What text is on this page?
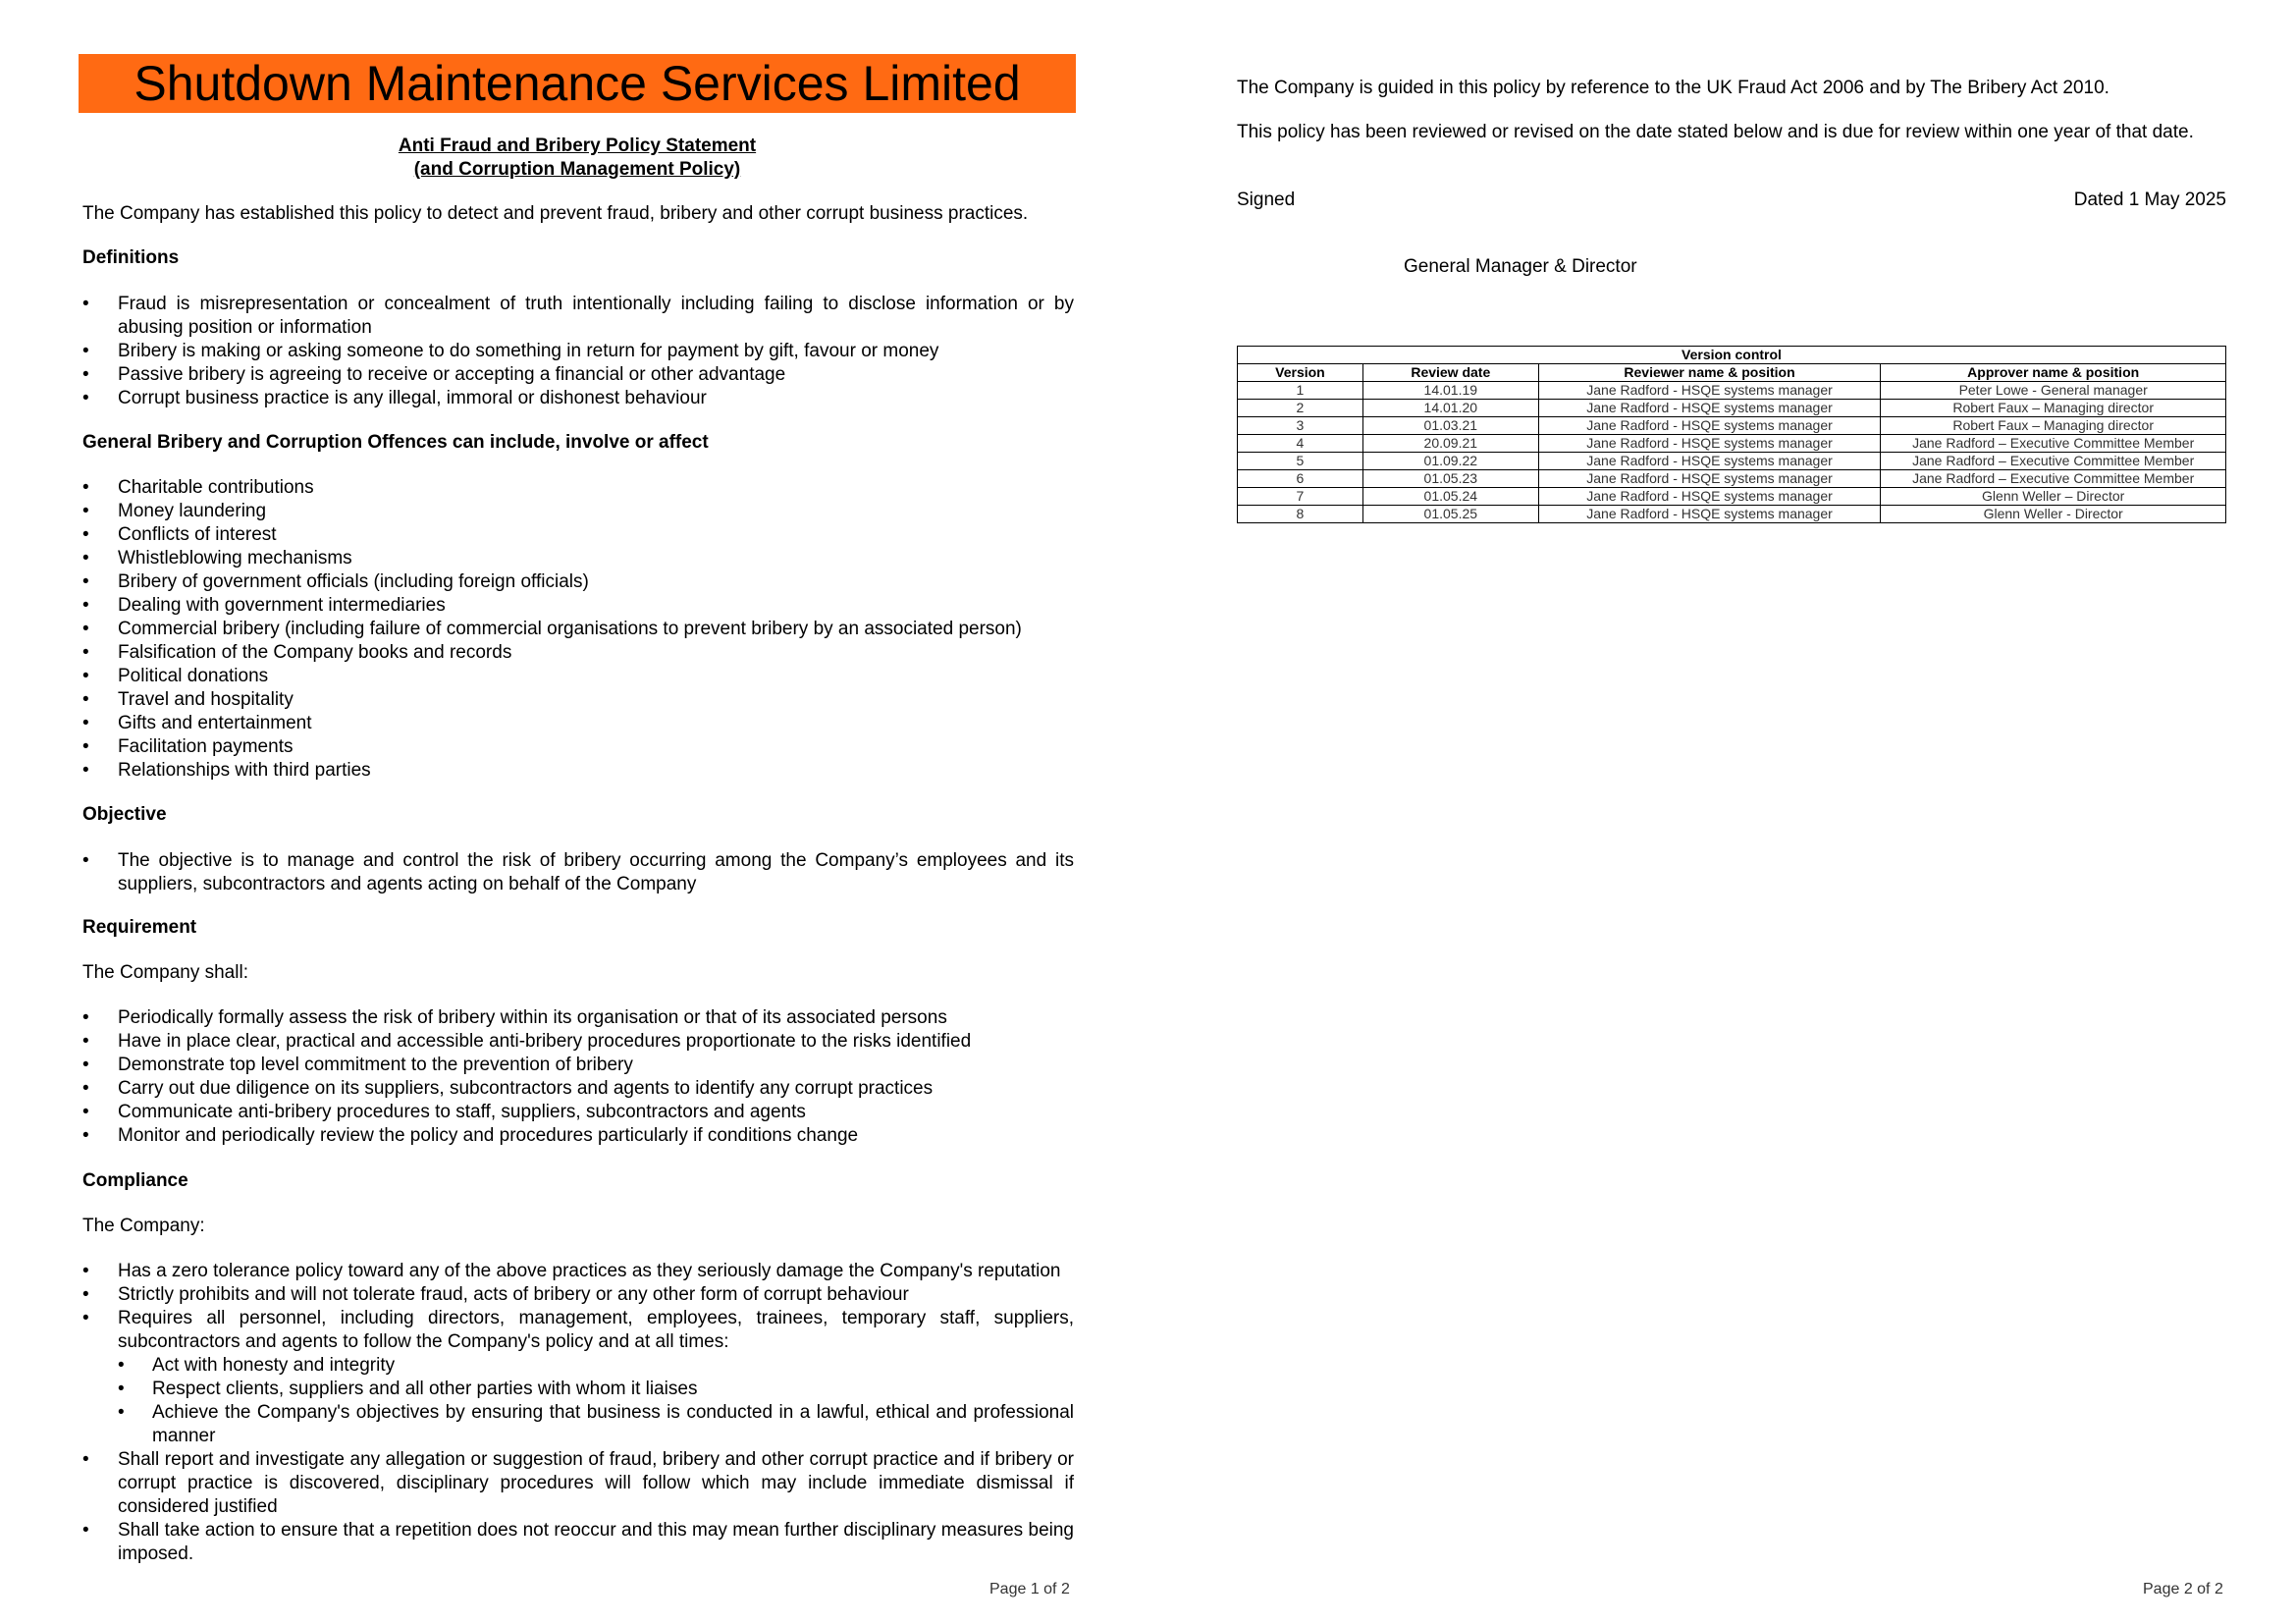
Shutdown Maintenance Services Limited
Anti Fraud and Bribery Policy Statement
(and Corruption Management Policy)
The Company has established this policy to detect and prevent fraud, bribery and other corrupt business practices.
Definitions
• Fraud is misrepresentation or concealment of truth intentionally including failing to disclose information or by abusing position or information
• Bribery is making or asking someone to do something in return for payment by gift, favour or money
• Passive bribery is agreeing to receive or accepting a financial or other advantage
• Corrupt business practice is any illegal, immoral or dishonest behaviour
General Bribery and Corruption Offences can include, involve or affect
• Charitable contributions
• Money laundering
• Conflicts of interest
• Whistleblowing mechanisms
• Bribery of government officials (including foreign officials)
• Dealing with government intermediaries
• Commercial bribery (including failure of commercial organisations to prevent bribery by an associated person)
• Falsification of the Company books and records
• Political donations
• Travel and hospitality
• Gifts and entertainment
• Facilitation payments
• Relationships with third parties
Objective
• The objective is to manage and control the risk of bribery occurring among the Company’s employees and its suppliers, subcontractors and agents acting on behalf of the Company
Requirement
The Company shall:
• Periodically formally assess the risk of bribery within its organisation or that of its associated persons
• Have in place clear, practical and accessible anti-bribery procedures proportionate to the risks identified
• Demonstrate top level commitment to the prevention of bribery
• Carry out due diligence on its suppliers, subcontractors and agents to identify any corrupt practices
• Communicate anti-bribery procedures to staff, suppliers, subcontractors and agents
• Monitor and periodically review the policy and procedures particularly if conditions change
Compliance
The Company:
• Has a zero tolerance policy toward any of the above practices as they seriously damage the Company's reputation
• Strictly prohibits and will not tolerate fraud, acts of bribery or any other form of corrupt behaviour
• Requires all personnel, including directors, management, employees, trainees, temporary staff, suppliers, subcontractors and agents to follow the Company's policy and at all times:
• Act with honesty and integrity
• Respect clients, suppliers and all other parties with whom it liaises
• Achieve the Company's objectives by ensuring that business is conducted in a lawful, ethical and professional manner
• Shall report and investigate any allegation or suggestion of fraud, bribery and other corrupt practice and if bribery or corrupt practice is discovered, disciplinary procedures will follow which may include immediate dismissal if considered justified
• Shall take action to ensure that a repetition does not reoccur and this may mean further disciplinary measures being imposed.
Page 1 of 2
The Company is guided in this policy by reference to the UK Fraud Act 2006 and by The Bribery Act 2010.
This policy has been reviewed or revised on the date stated below and is due for review within one year of that date.
Signed	Dated 1 May 2025
General Manager & Director
Version control			
Version	Review date	Reviewer name & position	Approver name & position
1	14.01.19	Jane Radford - HSQE systems manager	Peter Lowe - General manager
2	14.01.20	Jane Radford - HSQE systems manager	Robert Faux – Managing director
3	01.03.21	Jane Radford - HSQE systems manager	Robert Faux – Managing director
4	20.09.21	Jane Radford - HSQE systems manager	Jane Radford – Executive Committee Member
5	01.09.22	Jane Radford - HSQE systems manager	Jane Radford – Executive Committee Member
6	01.05.23	Jane Radford - HSQE systems manager	Jane Radford – Executive Committee Member
7	01.05.24	Jane Radford - HSQE systems manager	Glenn Weller – Director
8	01.05.25	Jane Radford - HSQE systems manager	Glenn Weller - Director
Page 2 of 2
